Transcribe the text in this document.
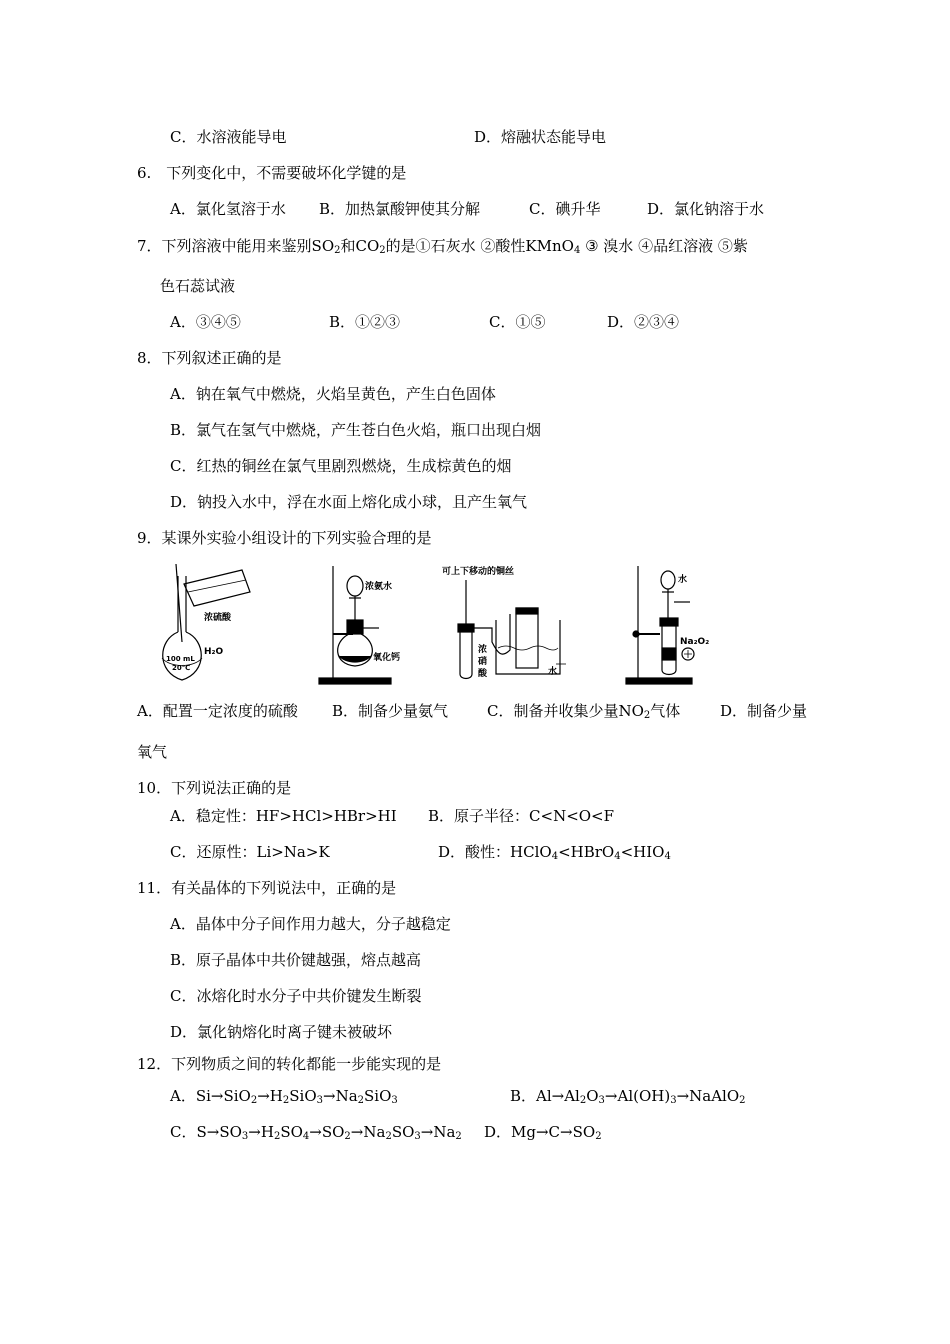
C．水溶液能导电	D．熔融状态能导电
6.　下列变化中，不需要破坏化学键的是
A．氯化氢溶于水 B．加热氯酸钾使其分解	C．碘升华	D．氯化钠溶于水
7．下列溶液中能用来鉴别$SO_2$和$CO_2$的是①石灰水 ②酸性KMnO$_4$ ③ 溴水 ④品红溶液 ⑤紫
色石蕊试液
A．③④⑤	B．①②③	C．①⑤	D．②③④
8．下列叙述正确的是
A．钠在氧气中燃烧，火焰呈黄色，产生白色固体
B．氯气在氢气中燃烧，产生苍白色火焰，瓶口出现白烟
C．红热的铜丝在氯气里剧烈燃烧，生成棕黄色的烟
D．钠投入水中，浮在水面上熔化成小球，且产生氧气
9．某课外实验小组设计的下列实验合理的是
浓硫酸
100 mL
20℃
H₂O
浓氨水
氧化钙
可上下移动的铜丝
浓
硝
酸	水
水
Na₂O₂
A．配置一定浓度的硫酸 B．制备少量氨气	C．制备并收集少量$NO_2$气体	D．制备少量
氧气
10．下列说法正确的是
A．稳定性：HF>HCl>HBr>HI B．原子半径：C<N<O<F
C．还原性：Li>Na>K	D．酸性：$HClO_4<HBrO_4<HIO_4$
11．有关晶体的下列说法中，正确的是
A．晶体中分子间作用力越大，分子越稳定
B．原子晶体中共价键越强，熔点越高
C．冰熔化时水分子中共价键发生断裂
D．氯化钠熔化时离子键未被破坏
12．下列物质之间的转化都能一步能实现的是
A．$Si\to SiO_2\to H_2SiO_3\to Na_2SiO_3$	B．$Al\to Al_2O_3\to Al(OH)_3\to NaAlO_2$
C．$S\to SO_3\to H_2SO_4\to SO_2\to Na_2SO_3\to Na_2$ D．$Mg\to C\to SO_2$
